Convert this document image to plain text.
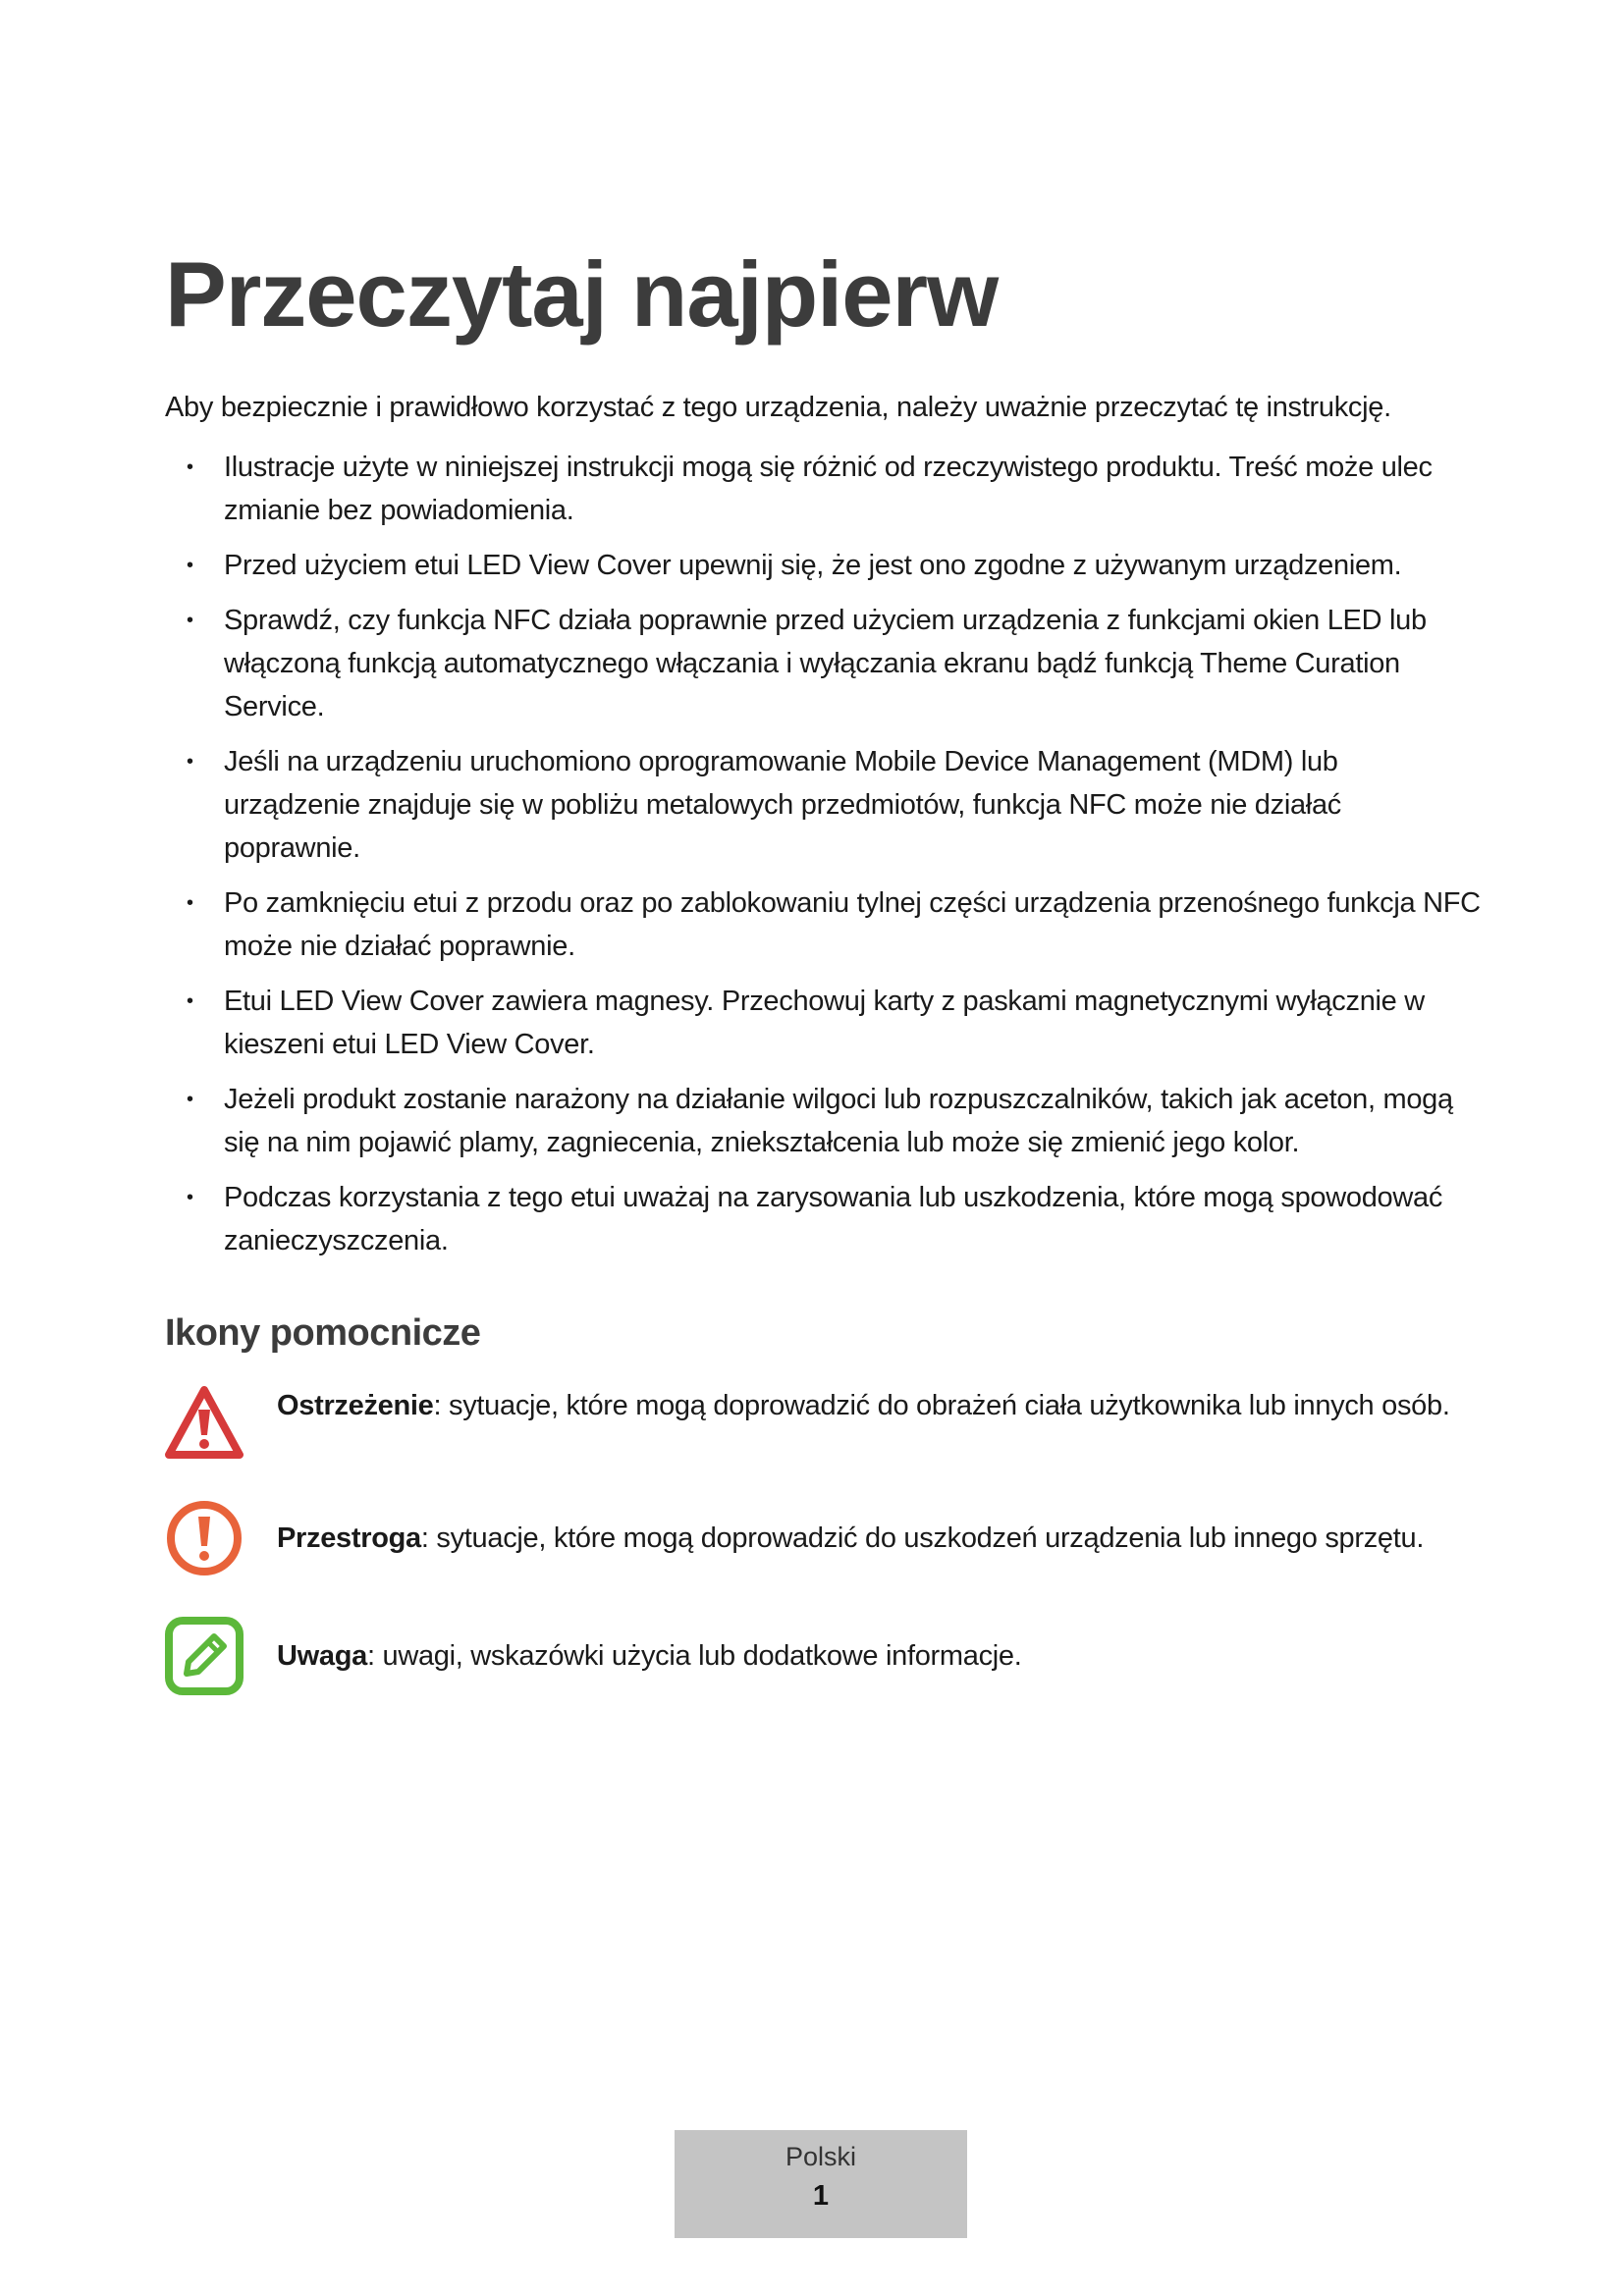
Przeczytaj najpierw

Aby bezpiecznie i prawidłowo korzystać z tego urządzenia, należy uważnie przeczytać tę instrukcję.

• Ilustracje użyte w niniejszej instrukcji mogą się różnić od rzeczywistego produktu. Treść może ulec zmianie bez powiadomienia.
• Przed użyciem etui LED View Cover upewnij się, że jest ono zgodne z używanym urządzeniem.
• Sprawdź, czy funkcja NFC działa poprawnie przed użyciem urządzenia z funkcjami okien LED lub włączoną funkcją automatycznego włączania i wyłączania ekranu bądź funkcją Theme Curation Service.
• Jeśli na urządzeniu uruchomiono oprogramowanie Mobile Device Management (MDM) lub urządzenie znajduje się w pobliżu metalowych przedmiotów, funkcja NFC może nie działać poprawnie.
• Po zamknięciu etui z przodu oraz po zablokowaniu tylnej części urządzenia przenośnego funkcja NFC może nie działać poprawnie.
• Etui LED View Cover zawiera magnesy. Przechowuj karty z paskami magnetycznymi wyłącznie w kieszeni etui LED View Cover.
• Jeżeli produkt zostanie narażony na działanie wilgoci lub rozpuszczalników, takich jak aceton, mogą się na nim pojawić plamy, zagniecenia, zniekształcenia lub może się zmienić jego kolor.
• Podczas korzystania z tego etui uważaj na zarysowania lub uszkodzenia, które mogą spowodować zanieczyszczenia.
Ikony pomocnicze
Ostrzeżenie: sytuacje, które mogą doprowadzić do obrażeń ciała użytkownika lub innych osób.
Przestroga: sytuacje, które mogą doprowadzić do uszkodzeń urządzenia lub innego sprzętu.
Uwaga: uwagi, wskazówki użycia lub dodatkowe informacje.
Polski
1
